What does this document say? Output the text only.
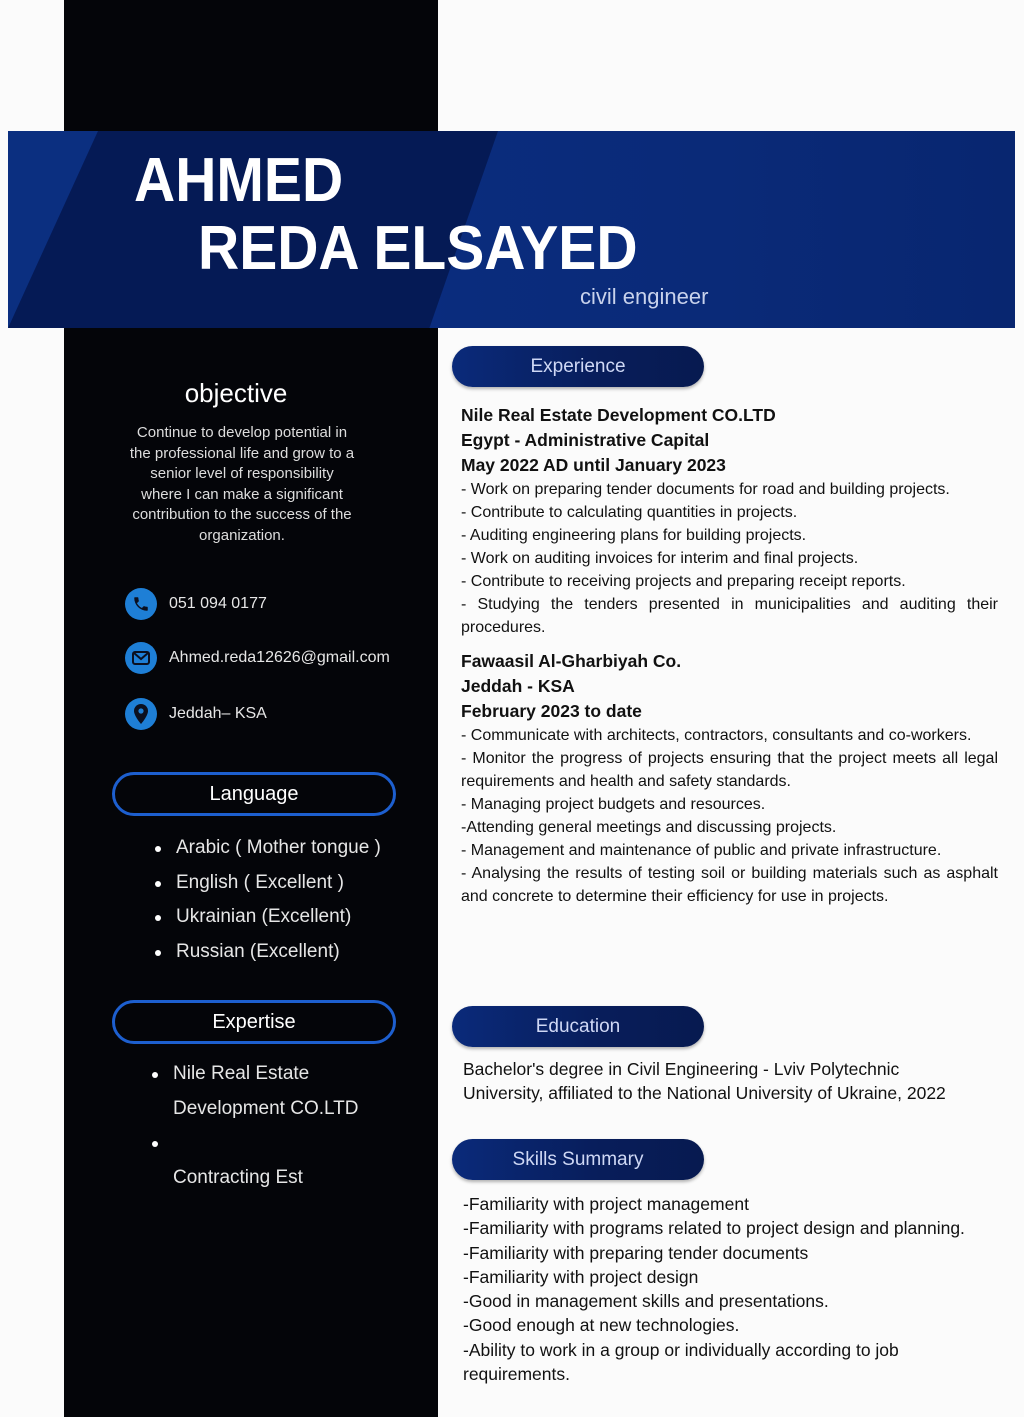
AHMED
REDA ELSAYED
civil engineer
objective
Continue to develop potential in the professional life and grow to a senior level of responsibility where I can make a significant contribution to the success of the organization.
051 094 0177
Ahmed.reda12626@gmail.com
Jeddah– KSA
Language
Arabic ( Mother tongue )
English ( Excellent )
Ukrainian (Excellent)
Russian (Excellent)
Expertise
Nile Real Estate
Development CO.LTD
Contracting Est
Experience
Nile Real Estate Development CO.LTD
Egypt - Administrative Capital
May 2022 AD until January 2023

- Work on preparing tender documents for road and building projects.

- Contribute to calculating quantities in projects.

- Auditing engineering plans for building projects.

- Work on auditing invoices for interim and final projects.

- Contribute to receiving projects and preparing receipt reports.

- Studying the tenders presented in municipalities and auditing their procedures.

Fawaasil Al-Gharbiyah Co.
Jeddah - KSA
February 2023 to date

- Communicate with architects, contractors, consultants and co-workers.

- Monitor the progress of projects ensuring that the project meets all legal requirements and health and safety standards.

- Managing project budgets and resources.

-Attending general meetings and discussing projects.

- Management and maintenance of public and private infrastructure.

- Analysing the results of testing soil or building materials such as asphalt and concrete to determine their efficiency for use in projects.

Education
Bachelor's degree in Civil Engineering - Lviv Polytechnic University, affiliated to the National University of Ukraine, 2022
Skills Summary
-Familiarity with project management
-Familiarity with programs related to project design and planning.
-Familiarity with preparing tender documents
-Familiarity with project design
-Good in management skills and presentations.
-Good enough at new technologies.
-Ability to work in a group or individually according to job requirements.
